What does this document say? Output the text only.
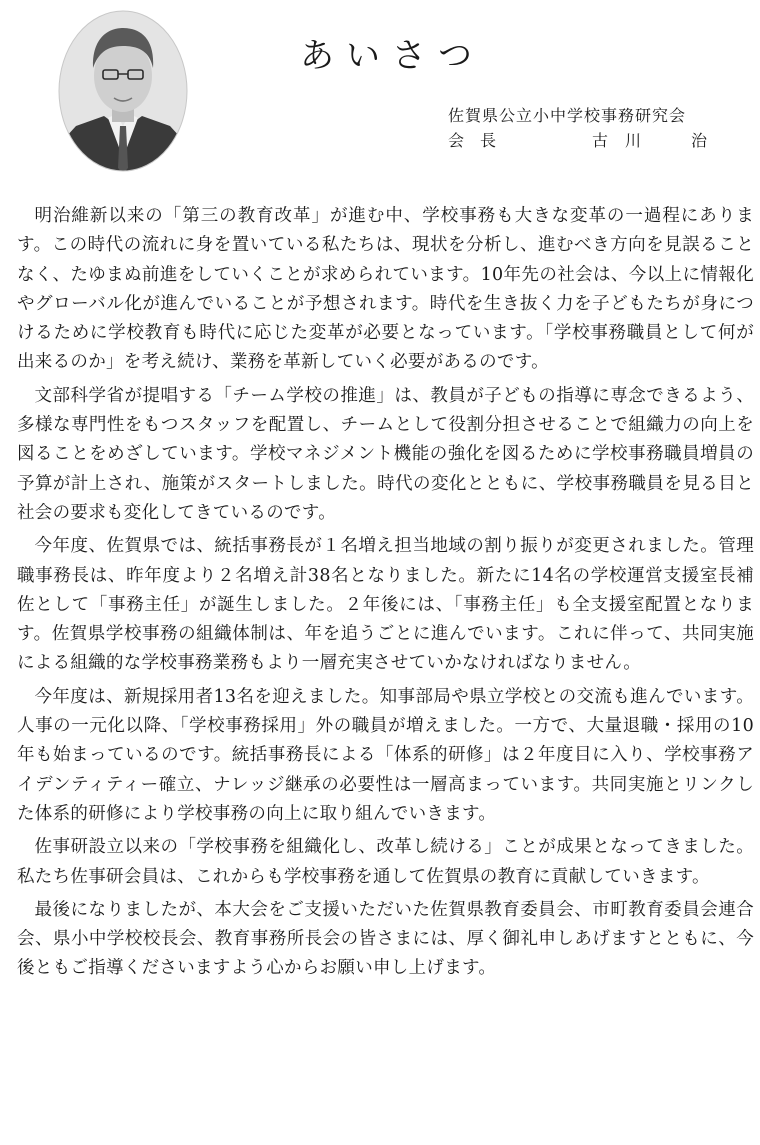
あいさつ
佐賀県公立小中学校事務研究会
会長	古川　治

明治維新以来の「第三の教育改革」が進む中、学校事務も大きな変革の一過程にあります。この時代の流れに身を置いている私たちは、現状を分析し、進むべき方向を見誤ることなく、たゆまぬ前進をしていくことが求められています。10年先の社会は、今以上に情報化やグローバル化が進んでいることが予想されます。時代を生き抜く力を子どもたちが身につけるために学校教育も時代に応じた変革が必要となっています。「学校事務職員として何が出来るのか」を考え続け、業務を革新していく必要があるのです。

文部科学省が提唱する「チーム学校の推進」は、教員が子どもの指導に専念できるよう、多様な専門性をもつスタッフを配置し、チームとして役割分担させることで組織力の向上を図ることをめざしています。学校マネジメント機能の強化を図るために学校事務職員増員の予算が計上され、施策がスタートしました。時代の変化とともに、学校事務職員を見る目と社会の要求も変化してきているのです。

今年度、佐賀県では、統括事務長が１名増え担当地域の割り振りが変更されました。管理職事務長は、昨年度より２名増え計38名となりました。新たに14名の学校運営支援室長補佐として「事務主任」が誕生しました。２年後には、「事務主任」も全支援室配置となります。佐賀県学校事務の組織体制は、年を追うごとに進んでいます。これに伴って、共同実施による組織的な学校事務業務もより一層充実させていかなければなりません。

今年度は、新規採用者13名を迎えました。知事部局や県立学校との交流も進んでいます。人事の一元化以降、「学校事務採用」外の職員が増えました。一方で、大量退職・採用の10年も始まっているのです。統括事務長による「体系的研修」は２年度目に入り、学校事務アイデンティティー確立、ナレッジ継承の必要性は一層高まっています。共同実施とリンクした体系的研修により学校事務の向上に取り組んでいきます。

佐事研設立以来の「学校事務を組織化し、改革し続ける」ことが成果となってきました。私たち佐事研会員は、これからも学校事務を通して佐賀県の教育に貢献していきます。

最後になりましたが、本大会をご支援いただいた佐賀県教育委員会、市町教育委員会連合会、県小中学校校長会、教育事務所長会の皆さまには、厚く御礼申しあげますとともに、今後ともご指導くださいますよう心からお願い申し上げます。
